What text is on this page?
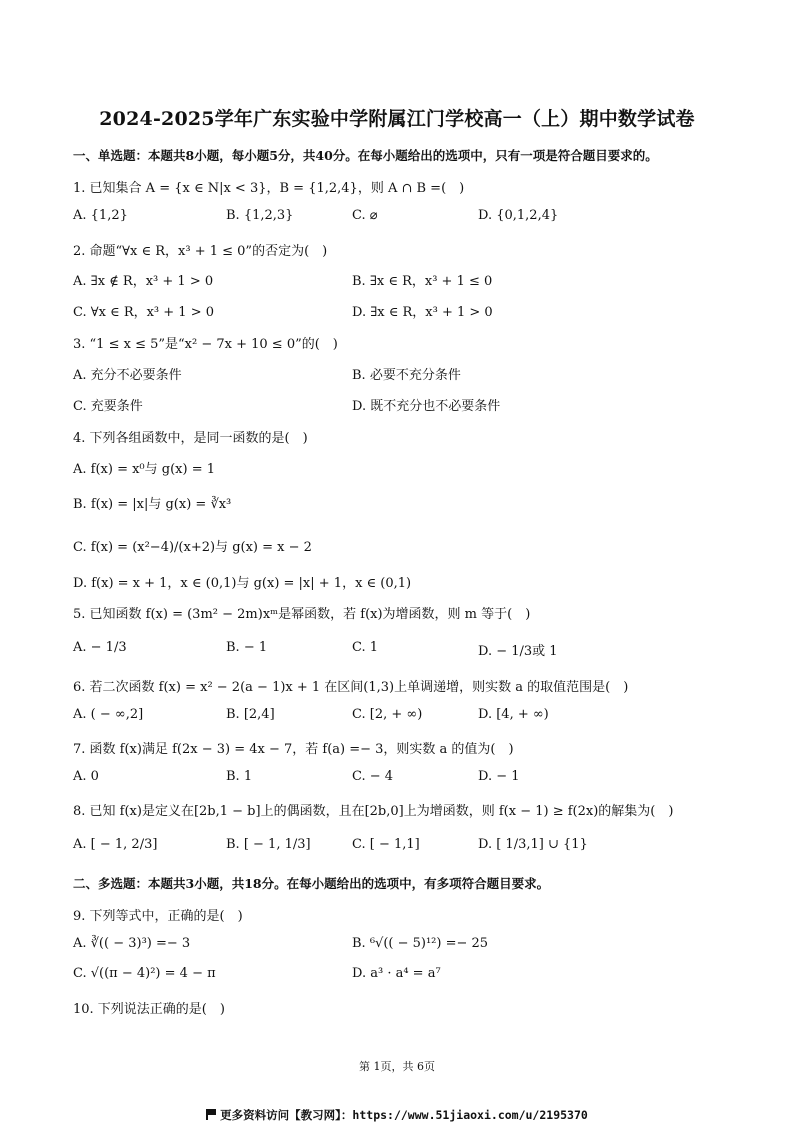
2024-2025学年广东实验中学附属江门学校高一（上）期中数学试卷
一、单选题：本题共8小题，每小题5分，共40分。在每小题给出的选项中，只有一项是符合题目要求的。
1. 已知集合 A = {x ∈ N|x < 3}，B = {1,2,4}，则 A ∩ B =(　)
A. {1,2}	B. {1,2,3}	C. ⌀	D. {0,1,2,4}
2. 命题“∀x ∈ R，x³ + 1 ≤ 0”的否定为(　)
A. ∃x ∉ R，x³ + 1 > 0	B. ∃x ∈ R，x³ + 1 ≤ 0
C. ∀x ∈ R，x³ + 1 > 0	D. ∃x ∈ R，x³ + 1 > 0
3. “1 ≤ x ≤ 5”是“x² − 7x + 10 ≤ 0”的(　)
A. 充分不必要条件	B. 必要不充分条件
C. 充要条件	D. 既不充分也不必要条件
4. 下列各组函数中，是同一函数的是(　)
A. f(x) = x⁰与 g(x) = 1
B. f(x) = |x|与 g(x) = ∛x³
C. f(x) = (x²−4)/(x+2)与 g(x) = x − 2
D. f(x) = x + 1，x ∈ (0,1)与 g(x) = |x| + 1，x ∈ (0,1)
5. 已知函数 f(x) = (3m² − 2m)xᵐ是幂函数，若 f(x)为增函数，则 m 等于(　)
A. − 1/3	B. − 1	C. 1	D. − 1/3或 1
6. 若二次函数 f(x) = x² − 2(a − 1)x + 1 在区间(1,3)上单调递增，则实数 a 的取值范围是(　)
A. ( − ∞,2]	B. [2,4]	C. [2, + ∞)	D. [4, + ∞)
7. 函数 f(x)满足 f(2x − 3) = 4x − 7，若 f(a) =− 3，则实数 a 的值为(　)
A. 0	B. 1	C. − 4	D. − 1
8. 已知 f(x)是定义在[2b,1 − b]上的偶函数，且在[2b,0]上为增函数，则 f(x − 1) ≥ f(2x)的解集为(　)
A. [ − 1, 2/3]	B. [ − 1, 1/3]	C. [ − 1,1]	D. [ 1/3,1] ∪ {1}
二、多选题：本题共3小题，共18分。在每小题给出的选项中，有多项符合题目要求。
9. 下列等式中，正确的是(　)
A. ∛(( − 3)³) =− 3	B. ⁶√(( − 5)¹²) =− 25
C. √((π − 4)²) = 4 − π	D. a³ · a⁴ = a⁷
10. 下列说法正确的是(　)
第 1页，共 6页
更多资料访问【教习网】：https://www.51jiaoxi.com/u/2195370
